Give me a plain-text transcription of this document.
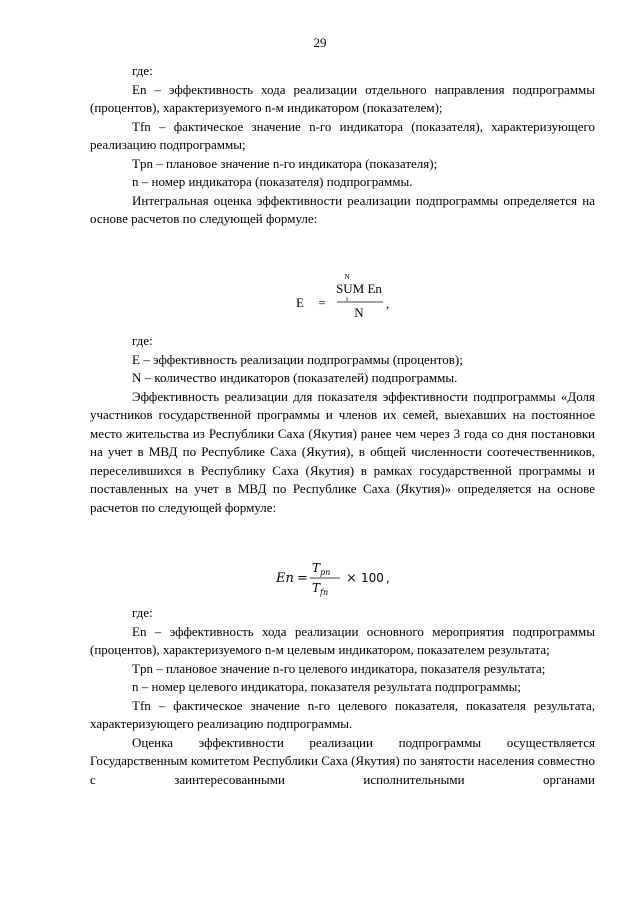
29

где:

En – эффективность хода реализации отдельного направления подпрограммы (процентов), характеризуемого n-м индикатором (показателем);

Tfn – фактическое значение n-го индикатора (показателя), характеризующего реализацию подпрограммы;

Tpn – плановое значение n-го индикатора (показателя);

n – номер индикатора (показателя) подпрограммы.

Интегральная оценка эффективности реализации подпрограммы определяется на основе расчетов по следующей формуле:

E =
N
SUM En
1
N
,

где:

E – эффективность реализации подпрограммы (процентов);

N – количество индикаторов (показателей) подпрограммы.

Эффективность реализации для показателя эффективности подпрограммы «Доля участников государственной программы и членов их семей, выехавших на постоянное место жительства из Республики Саха (Якутия) ранее чем через 3 года со дня постановки на учет в МВД по Республике Саха (Якутия), в общей численности соотечественников, переселившихся в Республику Саха (Якутия) в рамках государственной программы и поставленных на учет в МВД по Республике Саха (Якутия)» определяется на основе расчетов по следующей формуле:

En =
T pn
T fn
× 100 ,

где:

En – эффективность хода реализации основного мероприятия подпрограммы (процентов), характеризуемого n-м целевым индикатором, показателем результата;

Tpn – плановое значение n-го целевого индикатора, показателя результата;

n – номер целевого индикатора, показателя результата подпрограммы;

Tfn – фактическое значение n-го целевого показателя, показателя результата, характеризующего реализацию подпрограммы.

Оценка эффективности реализации подпрограммы осуществляется Государственным комитетом Республики Саха (Якутия) по занятости населения совместно с заинтересованными исполнительными органами
